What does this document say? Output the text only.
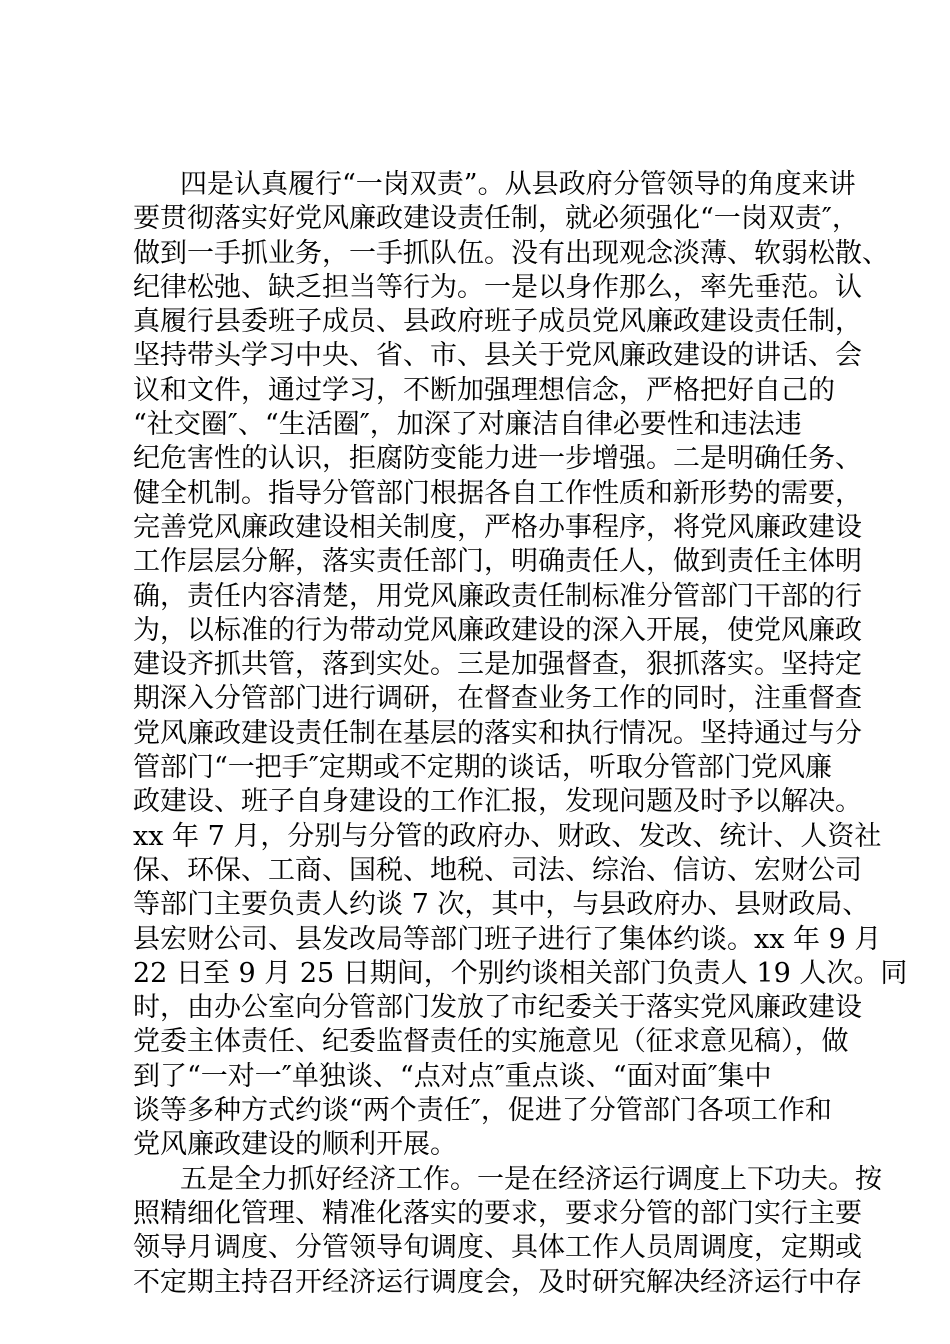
四是认真履行“一岗双责”。从县政府分管领导的角度来讲
要贯彻落实好党风廉政建设责任制，就必须强化“一岗双责″，
做到一手抓业务，一手抓队伍。没有出现观念淡薄、软弱松散、
纪律松弛、缺乏担当等行为。一是以身作那么，率先垂范。认
真履行县委班子成员、县政府班子成员党风廉政建设责任制，
坚持带头学习中央、省、市、县关于党风廉政建设的讲话、会
议和文件，通过学习，不断加强理想信念，严格把好自己的
“社交圈″、“生活圈″，加深了对廉洁自律必要性和违法违
纪危害性的认识，拒腐防变能力进一步增强。二是明确任务、
健全机制。指导分管部门根据各自工作性质和新形势的需要，
完善党风廉政建设相关制度，严格办事程序，将党风廉政建设
工作层层分解，落实责任部门，明确责任人，做到责任主体明
确，责任内容清楚，用党风廉政责任制标准分管部门干部的行
为，以标准的行为带动党风廉政建设的深入开展，使党风廉政
建设齐抓共管，落到实处。三是加强督查，狠抓落实。坚持定
期深入分管部门进行调研，在督查业务工作的同时，注重督查
党风廉政建设责任制在基层的落实和执行情况。坚持通过与分
管部门“一把手″定期或不定期的谈话，听取分管部门党风廉
政建设、班子自身建设的工作汇报，发现问题及时予以解决。
xx 年 7 月，分别与分管的政府办、财政、发改、统计、人资社
保、环保、工商、国税、地税、司法、综治、信访、宏财公司
等部门主要负责人约谈 7 次，其中，与县政府办、县财政局、
县宏财公司、县发改局等部门班子进行了集体约谈。xx 年 9 月
22 日至 9 月 25 日期间，个别约谈相关部门负责人 19 人次。同
时，由办公室向分管部门发放了市纪委关于落实党风廉政建设
党委主体责任、纪委监督责任的实施意见（征求意见稿），做
到了“一对一″单独谈、“点对点″重点谈、“面对面″集中
谈等多种方式约谈“两个责任″，促进了分管部门各项工作和
党风廉政建设的顺利开展。
五是全力抓好经济工作。一是在经济运行调度上下功夫。按
照精细化管理、精准化落实的要求，要求分管的部门实行主要
领导月调度、分管领导旬调度、具体工作人员周调度，定期或
不定期主持召开经济运行调度会，及时研究解决经济运行中存
